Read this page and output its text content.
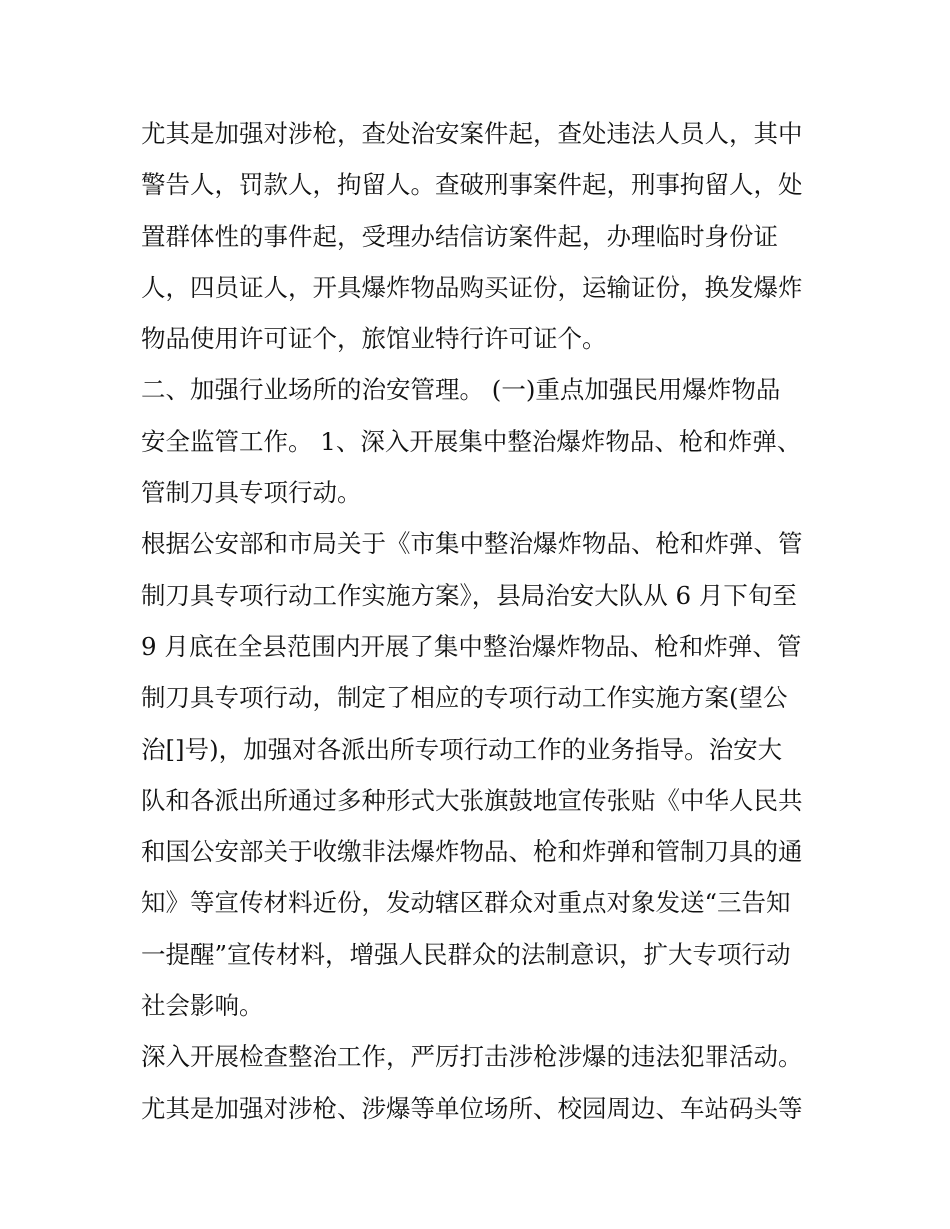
尤其是加强对涉枪，查处治安案件起，查处违法人员人，其中
警告人，罚款人，拘留人。查破刑事案件起，刑事拘留人，处
置群体性的事件起，受理办结信访案件起，办理临时身份证
人，四员证人，开具爆炸物品购买证份，运输证份，换发爆炸
物品使用许可证个，旅馆业特行许可证个。
二、加强行业场所的治安管理。 (一)重点加强民用爆炸物品
安全监管工作。 1、深入开展集中整治爆炸物品、枪和炸弹、
管制刀具专项行动。
根据公安部和市局关于《市集中整治爆炸物品、枪和炸弹、管
制刀具专项行动工作实施方案》，县局治安大队从 6 月下旬至
9 月底在全县范围内开展了集中整治爆炸物品、枪和炸弹、管
制刀具专项行动，制定了相应的专项行动工作实施方案(望公
治[]号)，加强对各派出所专项行动工作的业务指导。治安大
队和各派出所通过多种形式大张旗鼓地宣传张贴《中华人民共
和国公安部关于收缴非法爆炸物品、枪和炸弹和管制刀具的通
知》等宣传材料近份，发动辖区群众对重点对象发送“三告知
一提醒”宣传材料，增强人民群众的法制意识，扩大专项行动
社会影响。
深入开展检查整治工作，严厉打击涉枪涉爆的违法犯罪活动。
尤其是加强对涉枪、涉爆等单位场所、校园周边、车站码头等
